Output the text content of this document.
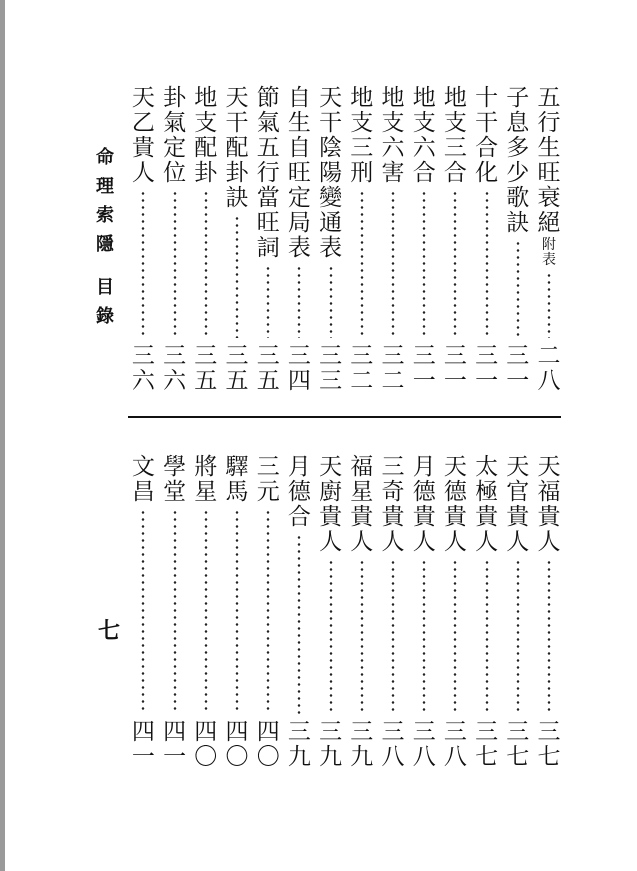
命理索隱
目錄
七
五
行
生
旺
衰
絕
附
表
二
八
子
息
多
少
歌
訣
三
一
十
干
合
化
三
一
地
支
三
合
三
一
地
支
六
合
三
一
地
支
六
害
三
二
地
支
三
刑
三
二
天
干
陰
陽
變
通
表
三
三
自
生
自
旺
定
局
表
三
四
節
氣
五
行
當
旺
詞
三
五
天
干
配
卦
訣
三
五
地
支
配
卦
三
五
卦
氣
定
位
三
六
天
乙
貴
人
三
六
天
福
貴
人
三
七
天
官
貴
人
三
七
太
極
貴
人
三
七
天
德
貴
人
三
八
月
德
貴
人
三
八
三
奇
貴
人
三
八
福
星
貴
人
三
九
天
廚
貴
人
三
九
月
德
合
三
九
三
元
四
〇
驛
馬
四
〇
將
星
四
〇
學
堂
四
一
文
昌
四
一
